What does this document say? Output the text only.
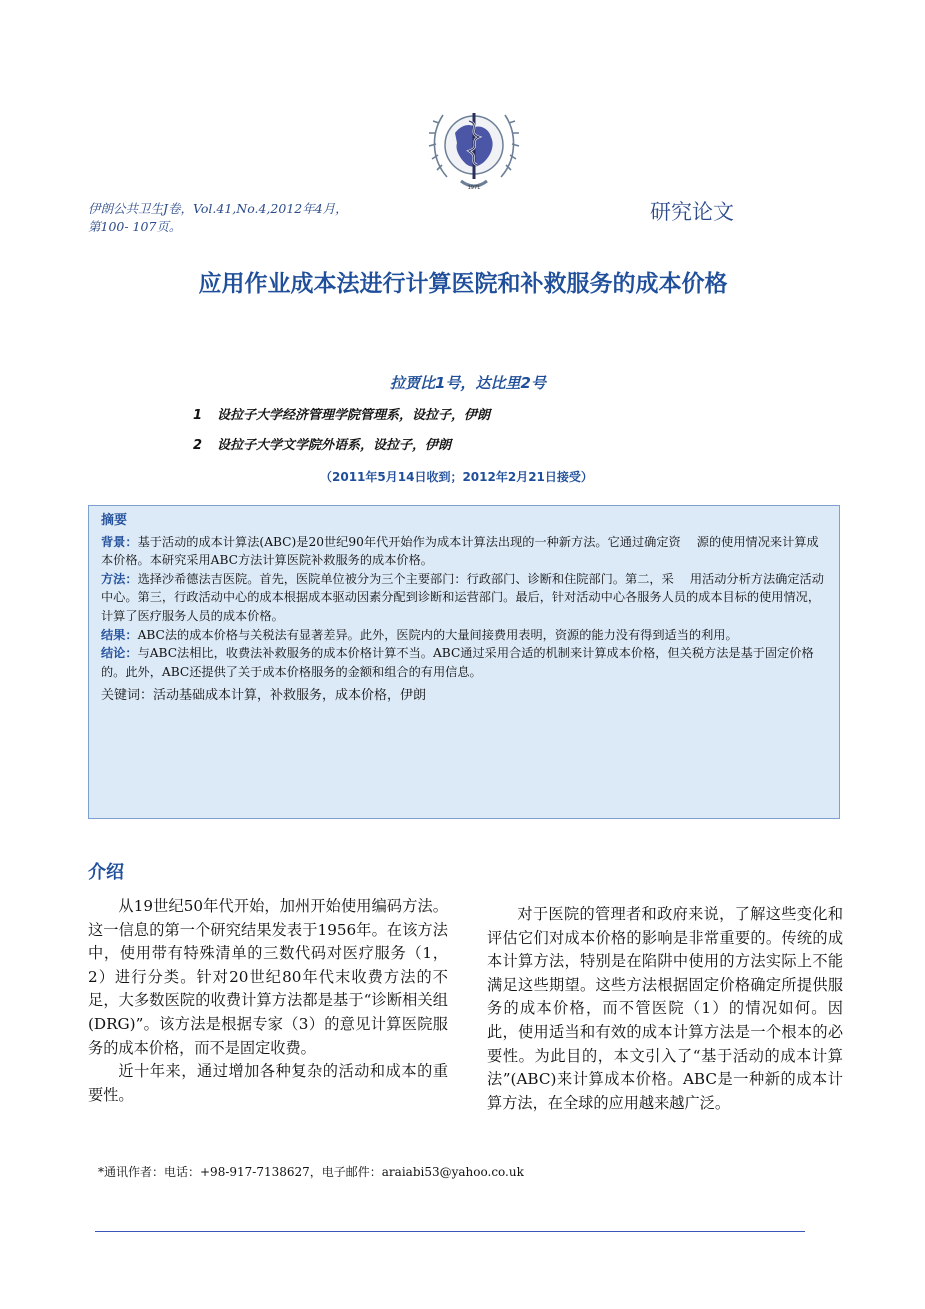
1971
伊朗公共卫生J卷，Vol.41,No.4,2012年4月，
第100- 107页。
研究论文
应用作业成本法进行计算医院和补救服务的成本价格
拉贾比1号，达比里2号
1 设拉子大学经济管理学院管理系，设拉子，伊朗
2 设拉子大学文学院外语系，设拉子，伊朗
（2011年5月14日收到；2012年2月21日接受）
摘要

背景：基于活动的成本计算法(ABC)是20世纪90年代开始作为成本计算法出现的一种新方法。它通过确定资　 源的使用情况来计算成本价格。本研究采用ABC方法计算医院补救服务的成本价格。

方法：选择沙希德法吉医院。首先，医院单位被分为三个主要部门：行政部门、诊断和住院部门。第二，采　 用活动分析方法确定活动中心。第三，行政活动中心的成本根据成本驱动因素分配到诊断和运营部门。最后，针对活动中心各服务人员的成本目标的使用情况，计算了医疗服务人员的成本价格。

结果：ABC法的成本价格与关税法有显著差异。此外，医院内的大量间接费用表明，资源的能力没有得到适当的利用。

结论：与ABC法相比，收费法补救服务的成本价格计算不当。ABC通过采用合适的机制来计算成本价格，但关税方法是基于固定价格的。此外，ABC还提供了关于成本价格服务的金额和组合的有用信息。

关键词：活动基础成本计算，补救服务，成本价格，伊朗
介绍

从19世纪50年代开始，加州开始使用编码方法。这一信息的第一个研究结果发表于1956年。在该方法中，使用带有特殊清单的三数代码对医疗服务（1，2）进行分类。针对20世纪80年代末收费方法的不足，大多数医院的收费计算方法都是基于“诊断相关组(DRG)”。该方法是根据专家（3）的意见计算医院服务的成本价格，而不是固定收费。

近十年来，通过增加各种复杂的活动和成本的重要性。

对于医院的管理者和政府来说，了解这些变化和评估它们对成本价格的影响是非常重要的。传统的成本计算方法，特别是在陷阱中使用的方法实际上不能满足这些期望。这些方法根据固定价格确定所提供服务的成本价格，而不管医院（1）的情况如何。因此，使用适当和有效的成本计算方法是一个根本的必要性。为此目的，本文引入了“基于活动的成本计算法”(ABC)来计算成本价格。ABC是一种新的成本计算方法，在全球的应用越来越广泛。

*通讯作者：电话：+98-917-7138627，电子邮件：araiabi53@yahoo.co.uk
